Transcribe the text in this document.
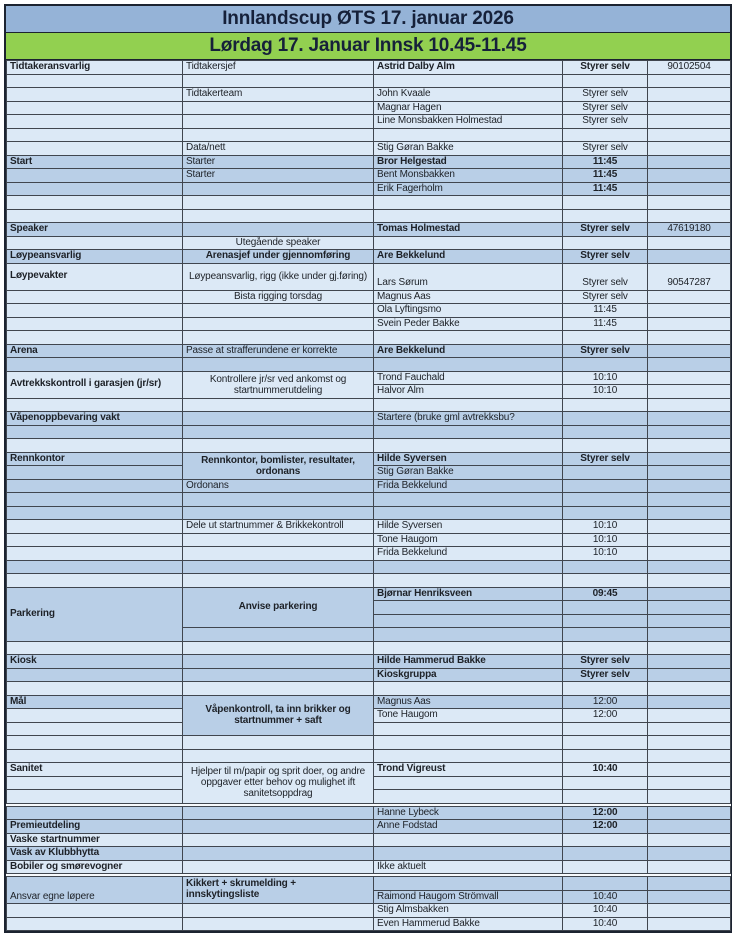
Innlandscup ØTS 17. januar 2026
Lørdag 17. Januar Innsk 10.45-11.45
Tidtakeransvarlig	Tidtakersjef	Astrid Dalby Alm	Styrer selv	90102504

	Tidtakerteam	John Kvaale	Styrer selv	
		Magnar Hagen	Styrer selv	
		Line Monsbakken Holmestad	Styrer selv	

	Data/nett	Stig Gøran Bakke	Styrer selv	
Start	Starter	Bror Helgestad	11:45	
	Starter	Bent Monsbakken	11:45	
		Erik Fagerholm	11:45	

Speaker		Tomas Holmestad	Styrer selv	47619180
	Utegående speaker			
Løypeansvarlig	Arenasjef under gjennomføring	Are Bekkelund	Styrer selv	
Løypevakter	Løypeansvarlig, rigg (ikke under gj.føring)	Lars Sørum	Styrer selv	90547287

	Bista rigging torsdag	Magnus Aas	Styrer selv	
		Ola Lyftingsmo	11:45	
		Svein Peder Bakke	11:45	

Arena	Passe at strafferundene er korrekte	Are Bekkelund	Styrer selv	

Avtrekkskontroll i garasjen (jr/sr)	Kontrollere jr/sr ved ankomst og startnummerutdeling	Trond Fauchald	10:10	
		Halvor Alm	10:10	

Våpenoppbevaring vakt		Startere (bruke gml avtrekksbu?		

Rennkontor	Rennkontor, bomlister, resultater, ordonans	Hilde Syversen	Styrer selv	
		Stig Gøran Bakke		
	Ordonans	Frida Bekkelund		

	Dele ut startnummer & Brikkekontroll	Hilde Syversen	10:10	
		Tone Haugom	10:10	
		Frida Bekkelund	10:10	

Parkering	Anvise parkering	Bjørnar Henriksveen	09:45	

Kiosk		Hilde Hammerud Bakke	Styrer selv	
		Kioskgruppa	Styrer selv	

Mål	Våpenkontroll, ta inn brikker og startnummer + saft	Magnus Aas	12:00	
		Tone Haugom	12:00	

Sanitet	Hjelper til m/papir og sprit doer, og andre oppgaver etter behov og mulighet ift sanitetsoppdrag	Trond Vigreust	10:40	

		Hanne Lybeck	12:00	
Premieutdeling		Anne Fodstad	12:00	
Vaske startnummer				
Vask av Klubbhytta				
Bobiler og smørevogner		Ikke aktuelt		

Ansvar egne løpere	Kikkert + skrumelding + innskytingsliste			
		Raimond Haugom Strömvall	10:40	
		Stig Almsbakken	10:40	
		Even Hammerud Bakke	10:40	
